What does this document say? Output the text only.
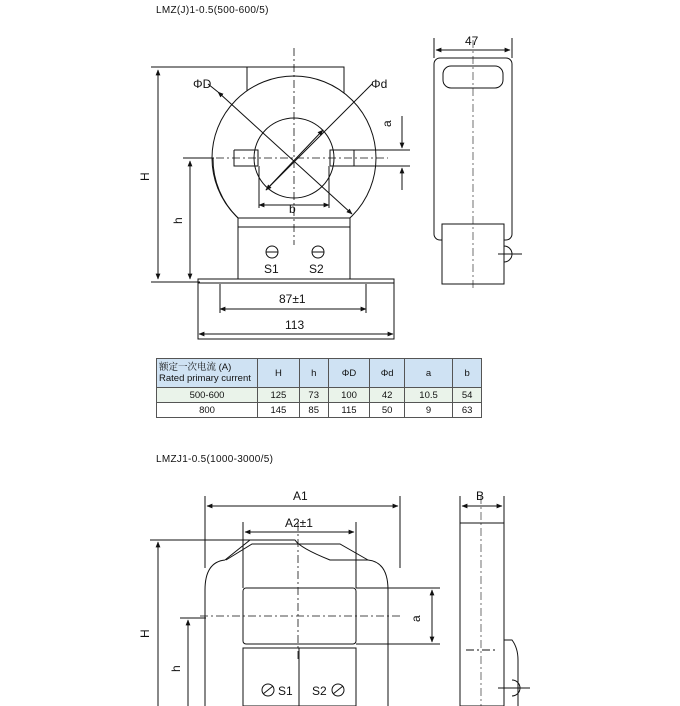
LMZ(J)1-0.5(500-600/5)
ΦD	Φd
H
h
a
b
S1	S2
87±1
113
47
A1
A2±1
B
H
h
a
S1 S2
额定一次电流 (A)
Rated primary current	H	h	ΦD	Φd	a	b
500-600	125	73	100	42	10.5	54
800	145	85	115	50	9	63
LMZJ1-0.5(1000-3000/5)
